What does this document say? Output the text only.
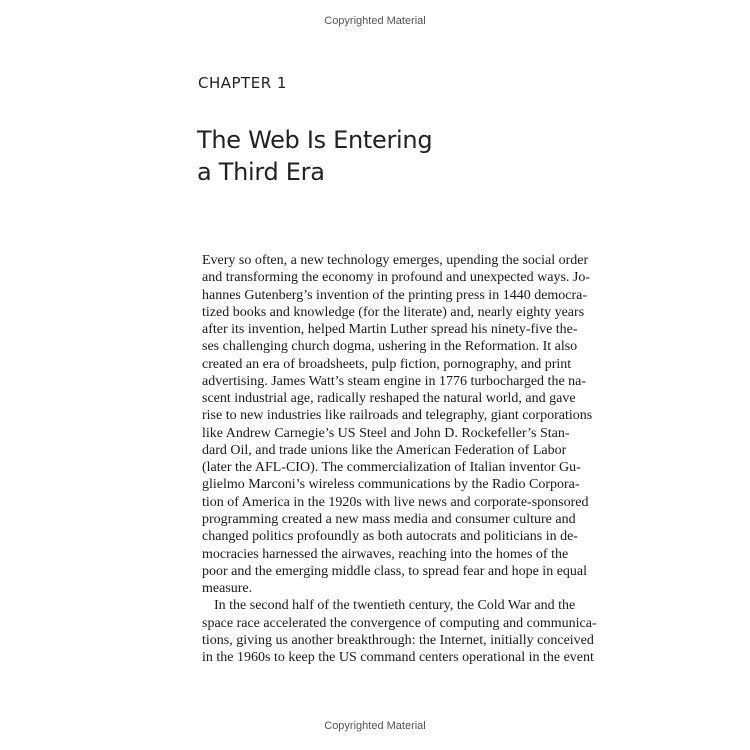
Copyrighted Material
CHAPTER 1
The Web Is Entering
a Third Era
Every so often, a new technology emerges, upending the social order
and transforming the economy in profound and unexpected ways. Jo-
hannes Gutenberg’s invention of the printing press in 1440 democra-
tized books and knowledge (for the literate) and, nearly eighty years
after its invention, helped Martin Luther spread his ninety-five the-
ses challenging church dogma, ushering in the Reformation. It also
created an era of broadsheets, pulp fiction, pornography, and print
advertising. James Watt’s steam engine in 1776 turbocharged the na-
scent industrial age, radically reshaped the natural world, and gave
rise to new industries like railroads and telegraphy, giant corporations
like Andrew Carnegie’s US Steel and John D. Rockefeller’s Stan-
dard Oil, and trade unions like the American Federation of Labor
(later the AFL-CIO). The commercialization of Italian inventor Gu-
glielmo Marconi’s wireless communications by the Radio Corpora-
tion of America in the 1920s with live news and corporate-sponsored
programming created a new mass media and consumer culture and
changed politics profoundly as both autocrats and politicians in de-
mocracies harnessed the airwaves, reaching into the homes of the
poor and the emerging middle class, to spread fear and hope in equal
measure.
In the second half of the twentieth century, the Cold War and the
space race accelerated the convergence of computing and communica-
tions, giving us another breakthrough: the Internet, initially conceived
in the 1960s to keep the US command centers operational in the event
Copyrighted Material
